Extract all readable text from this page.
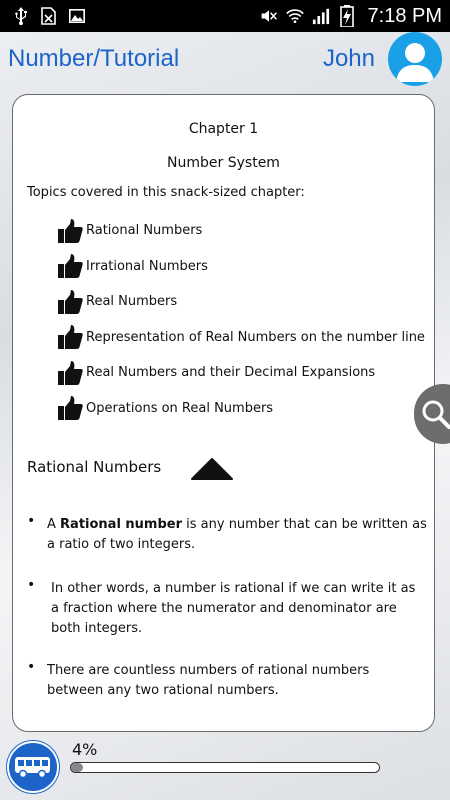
7:18 PM
Number/Tutorial	John
Chapter 1
Number System
Topics covered in this snack-sized chapter:
Rational Numbers
Irrational Numbers
Real Numbers
Representation of Real Numbers on the number line
Real Numbers and their Decimal Expansions
Operations on Real Numbers
Rational Numbers
• A Rational number is any number that can be written as a ratio of two integers.
• In other words, a number is rational if we can write it as a fraction where the numerator and denominator are both integers.
• There are countless numbers of rational numbers between any two rational numbers.
4%
